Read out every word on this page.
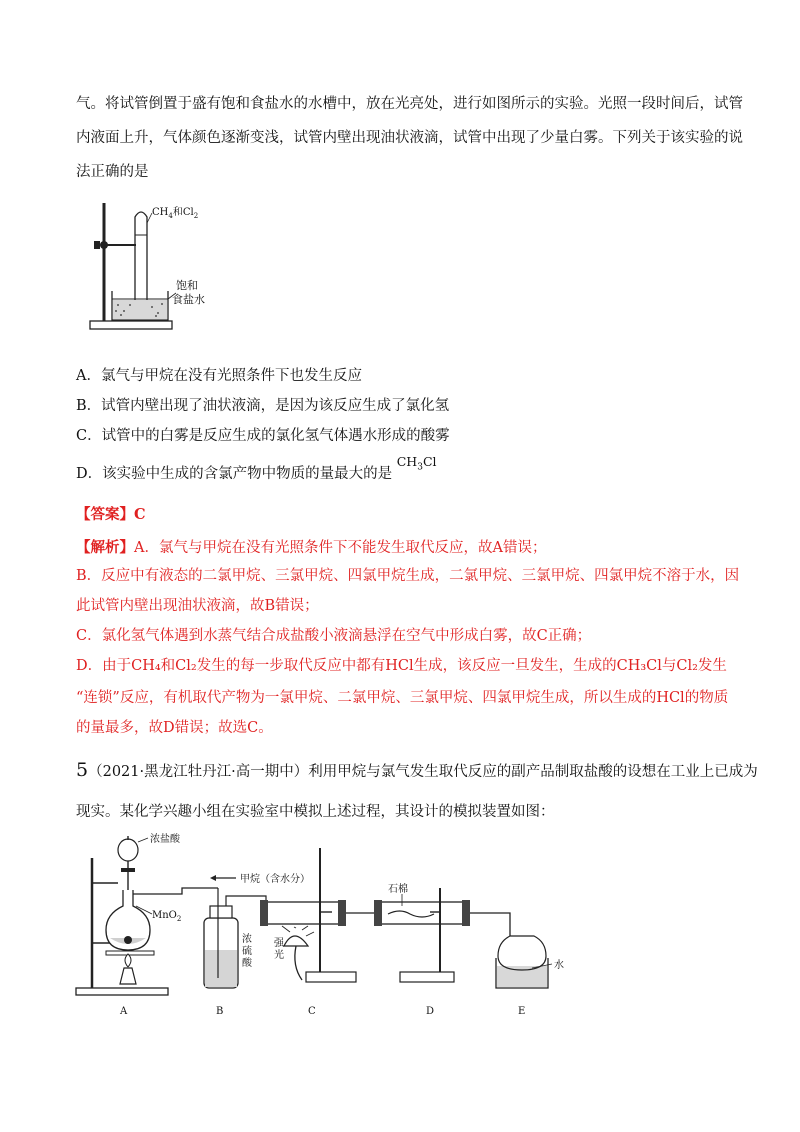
气。将试管倒置于盛有饱和食盐水的水槽中，放在光亮处，进行如图所示的实验。光照一段时间后，试管
内液面上升，气体颜色逐渐变浅，试管内壁出现油状液滴，试管中出现了少量白雾。下列关于该实验的说
法正确的是
$CH_4$和$Cl_2$
饱和
食盐水
A．氯气与甲烷在没有光照条件下也发生反应
B．试管内壁出现了油状液滴，是因为该反应生成了氯化氢
C．试管中的白雾是反应生成的氯化氢气体遇水形成的酸雾
D．该实验中生成的含氯产物中物质的量最大的是 $CH_3Cl$
【答案】C
【解析】A．氯气与甲烷在没有光照条件下不能发生取代反应，故A错误；
B．反应中有液态的二氯甲烷、三氯甲烷、四氯甲烷生成，二氯甲烷、三氯甲烷、四氯甲烷不溶于水，因
此试管内壁出现油状液滴，故B错误；
C．氯化氢气体遇到水蒸气结合成盐酸小液滴悬浮在空气中形成白雾，故C正确；
D．由于CH₄和Cl₂发生的每一步取代反应中都有HCl生成，该反应一旦发生，生成的CH₃Cl与Cl₂发生
“连锁”反应，有机取代产物为一氯甲烷、二氯甲烷、三氯甲烷、四氯甲烷生成，所以生成的HCl的物质
的量最多，故D错误；故选C。
5（2021·黑龙江牡丹江·高一期中）利用甲烷与氯气发生取代反应的副产品制取盐酸的设想在工业上已成为
现实。某化学兴趣小组在实验室中模拟上述过程，其设计的模拟装置如图：
浓盐酸
MnO$_2$
甲烷（含水分）
浓
硫
酸
强
光
石棉
水
A	B	C	D	E
